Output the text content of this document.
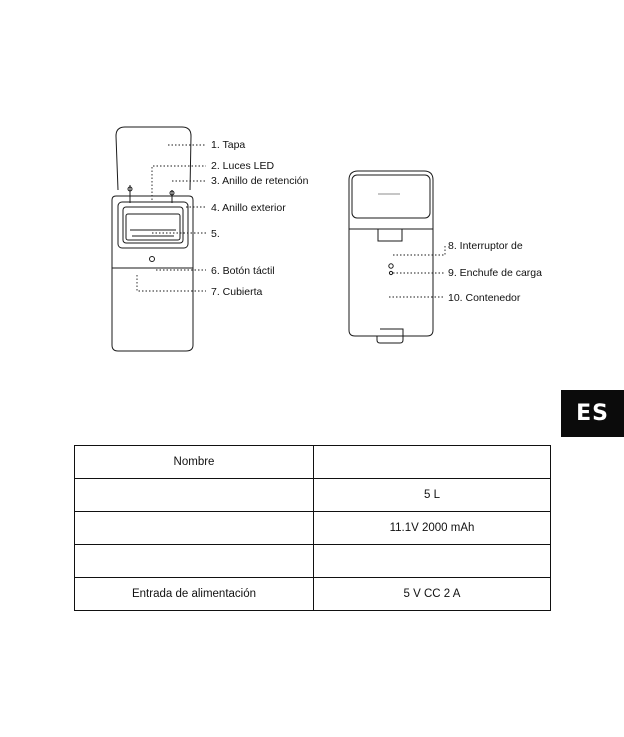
1. Tapa
2. Luces LED
3. Anillo de retención
4. Anillo exterior
5.
6. Botón táctil
7. Cubierta
8. Interruptor de
9. Enchufe de carga
10. Contenedor
ES
Nombre	
	5 L
	11.1V 2000 mAh

Entrada de alimentación	5 V CC 2 A
